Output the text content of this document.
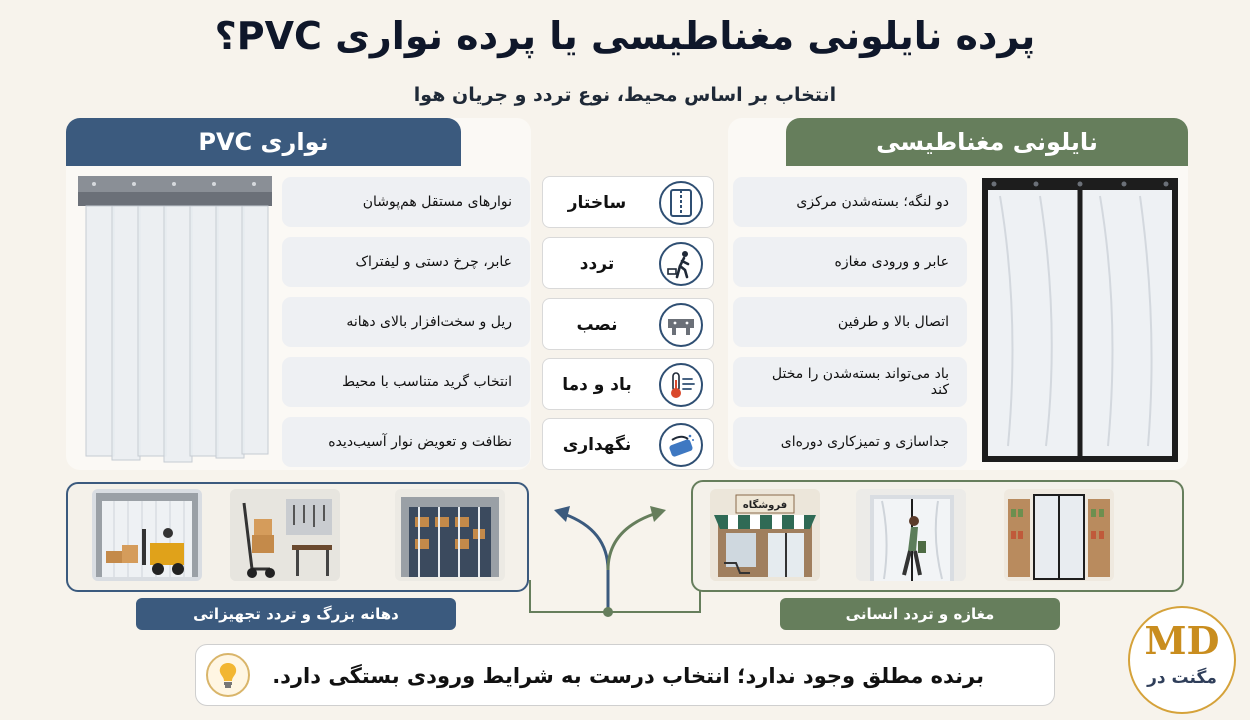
پرده نایلونی مغناطیسی یا پرده نواری PVC؟
انتخاب بر اساس محیط، نوع تردد و جریان هوا
نواری PVC
نوارهای مستقل هم‌پوشان
عابر، چرخ دستی و لیفتراک
ریل و سخت‌افزار بالای دهانه
انتخاب گرید متناسب با محیط
نظافت و تعویض نوار آسیب‌دیده
ساختار
تردد
نصب
باد و دما
نگهداری
نایلونی مغناطیسی
دو لنگه؛ بسته‌شدن مرکزی
عابر و ورودی مغازه
اتصال بالا و طرفین
باد می‌تواند بسته‌شدن را مختل کند
جداسازی و تمیزکاری دوره‌ای
دهانه بزرگ و تردد تجهیزاتی
فروشگاه
مغازه و تردد انسانی
برنده مطلق وجود ندارد؛ انتخاب درست به شرایط ورودی بستگی دارد.
MD
مگنت‌ در
